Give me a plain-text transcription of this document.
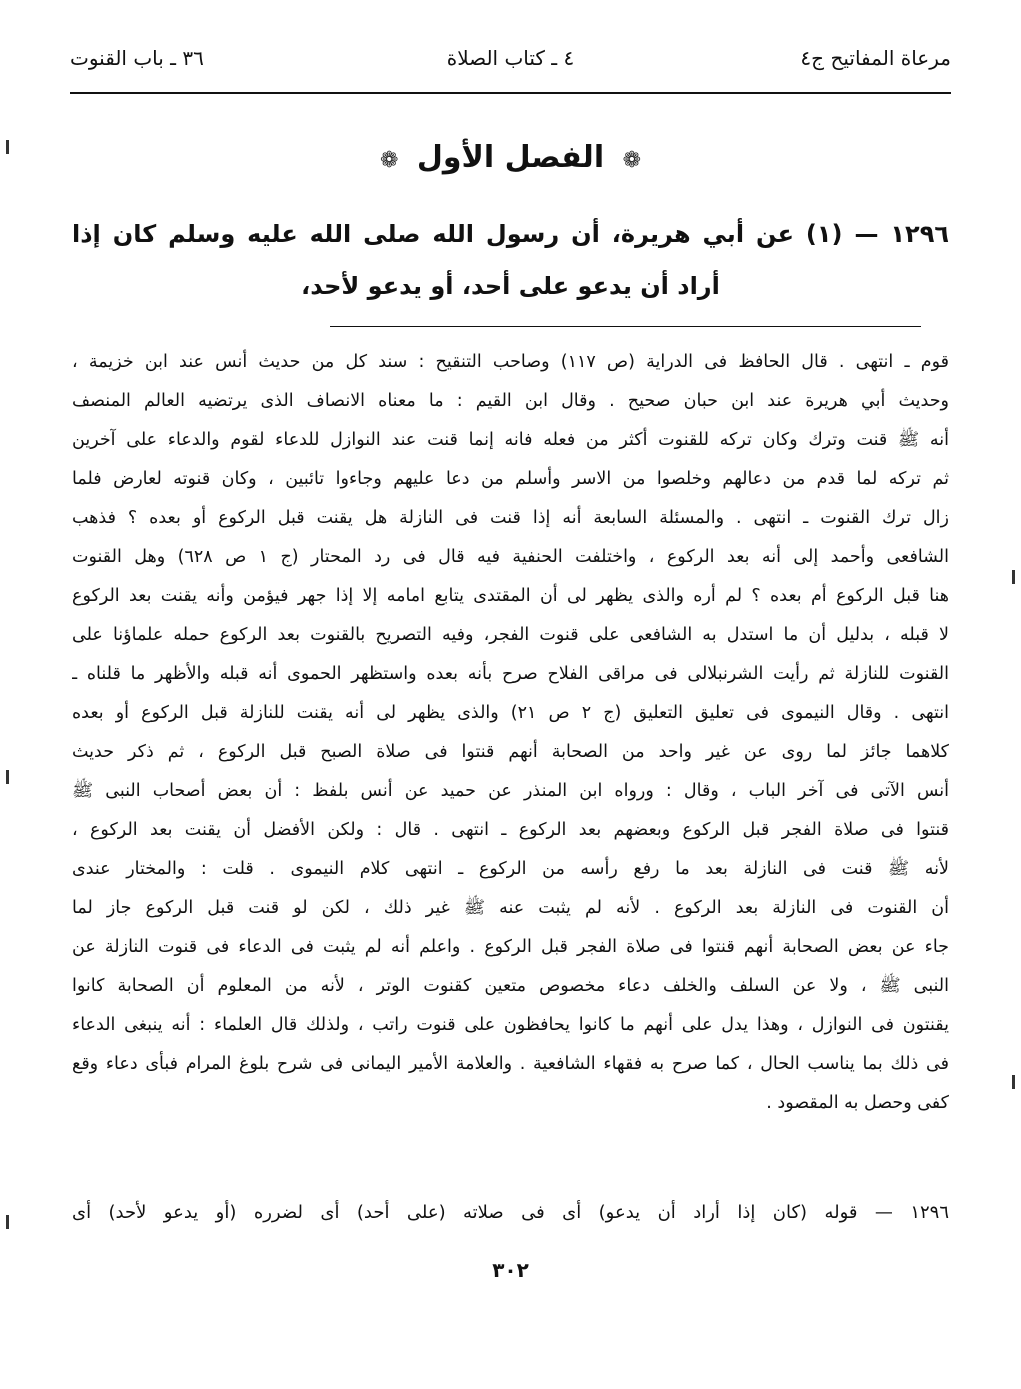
مرعاة المفاتيح ج٤
٤ ـ كتاب الصلاة
٣٦ ـ باب القنوت
❁ الفصل الأول ❁
١٢٩٦ — (١) عن أبي هريرة، أن رسول الله صلى الله عليه وسلم كان إذا أراد أن يدعو على أحد، أو يدعو لأحد،
قوم ـ انتهى . قال الحافظ فى الدراية (ص ١١٧) وصاحب التنقيح : سند كل من حديث أنس عند ابن خزيمة ،
وحديث أبي هريرة عند ابن حبان صحيح . وقال ابن القيم : ما معناه الانصاف الذى يرتضيه العالم المنصف
أنه ﷺ قنت وترك وكان تركه للقنوت أكثر من فعله فانه إنما قنت عند النوازل للدعاء لقوم والدعاء على آخرين
ثم تركه لما قدم من دعالهم وخلصوا من الاسر وأسلم من دعا عليهم وجاءوا تائبين ، وكان قنوته لعارض فلما
زال ترك القنوت ـ انتهى . والمسئلة السابعة أنه إذا قنت فى النازلة هل يقنت قبل الركوع أو بعده ؟ فذهب
الشافعى وأحمد إلى أنه بعد الركوع ، واختلفت الحنفية فيه قال فى رد المحتار (ج ١ ص ٦٢٨) وهل القنوت
هنا قبل الركوع أم بعده ؟ لم أره والذى يظهر لى أن المقتدى يتابع امامه إلا إذا جهر فيؤمن وأنه يقنت بعد الركوع
لا قبله ، بدليل أن ما استدل به الشافعى على قنوت الفجر، وفيه التصريح بالقنوت بعد الركوع حمله علماؤنا على
القنوت للنازلة ثم رأيت الشرنبلالى فى مراقى الفلاح صرح بأنه بعده واستظهر الحموى أنه قبله والأظهر ما قلناه ـ
انتهى . وقال النيموى فى تعليق التعليق (ج ٢ ص ٢١) والذى يظهر لى أنه يقنت للنازلة قبل الركوع أو بعده
كلاهما جائز لما روى عن غير واحد من الصحابة أنهم قنتوا فى صلاة الصبح قبل الركوع ، ثم ذكر حديث
أنس الآتى فى آخر الباب ، وقال : ورواه ابن المنذر عن حميد عن أنس بلفظ : أن بعض أصحاب النبى ﷺ
قنتوا فى صلاة الفجر قبل الركوع وبعضهم بعد الركوع ـ انتهى . قال : ولكن الأفضل أن يقنت بعد الركوع ،
لأنه ﷺ قنت فى النازلة بعد ما رفع رأسه من الركوع ـ انتهى كلام النيموى . قلت : والمختار عندى
أن القنوت فى النازلة بعد الركوع . لأنه لم يثبت عنه ﷺ غير ذلك ، لكن لو قنت قبل الركوع جاز لما
جاء عن بعض الصحابة أنهم قنتوا فى صلاة الفجر قبل الركوع . واعلم أنه لم يثبت فى الدعاء فى قنوت النازلة عن
النبى ﷺ ، ولا عن السلف والخلف دعاء مخصوص متعين كقنوت الوتر ، لأنه من المعلوم أن الصحابة كانوا
يقنتون فى النوازل ، وهذا يدل على أنهم ما كانوا يحافظون على قنوت راتب ، ولذلك قال العلماء : أنه ينبغى الدعاء
فى ذلك بما يناسب الحال ، كما صرح به فقهاء الشافعية . والعلامة الأمير اليمانى فى شرح بلوغ المرام فبأى دعاء وقع
كفى وحصل به المقصود .
١٢٩٦ — قوله (كان إذا أراد أن يدعو) أى فى صلاته (على أحد) أى لضرره (أو يدعو لأحد) أى
٣٠٢
